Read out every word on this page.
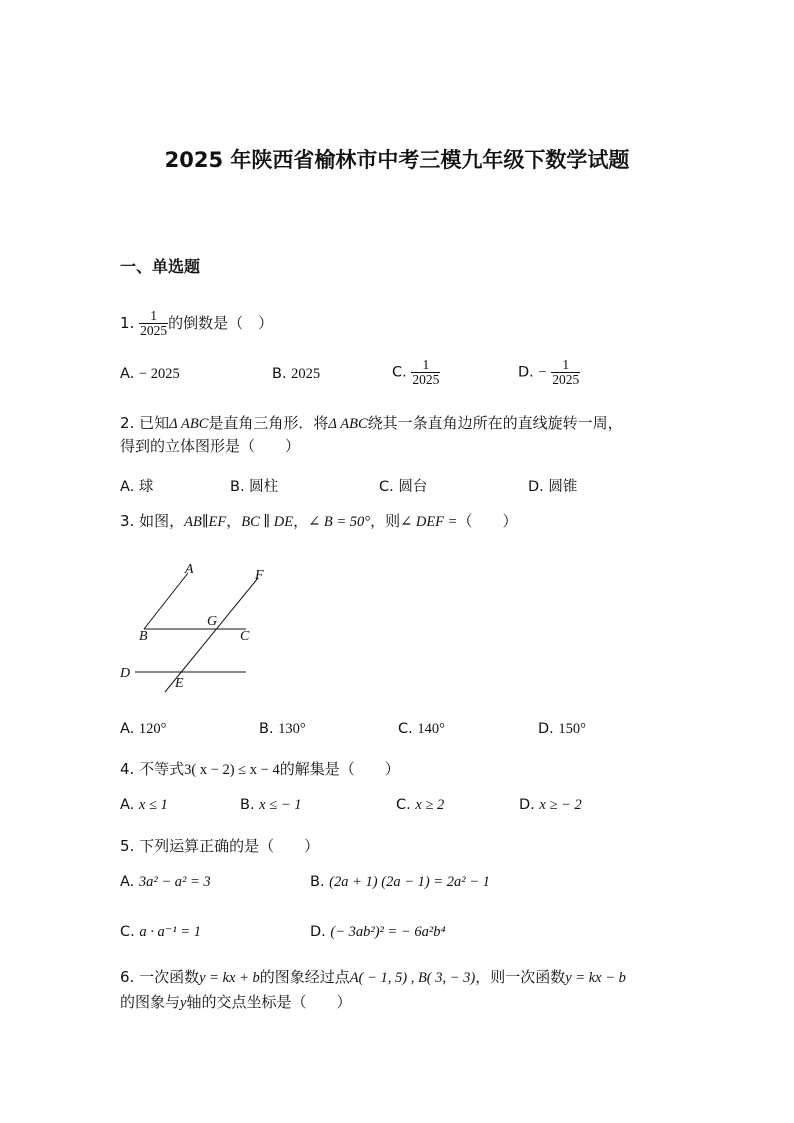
2025 年陕西省榆林市中考三模九年级下数学试题
一、单选题
1. $\frac{1}{2025}$ 的倒数是（　）
A. − 2025	B. 2025	C. $\frac{1}{2025}$	D. − $\frac{1}{2025}$
2. 已知Δ ABC是直角三角形．将Δ ABC绕其一条直角边所在的直线旋转一周，
得到的立体图形是（　　）
A. 球	B. 圆柱	C. 圆台	D. 圆锥
3. 如图，AB∥EF，BC ∥ DE，∠ B = 50°，则∠ DEF =（　　）
A	F
B
G
C
D
E
A. 120°	B. 130°	C. 140°	D. 150°
4. 不等式3( x − 2) ≤ x − 4的解集是（　　）
A. x ≤ 1	B. x ≤ − 1	C. x ≥ 2	D. x ≥ − 2
5. 下列运算正确的是（　　）
A. 3a² − a² = 3	B. (2a + 1) (2a − 1) = 2a² − 1
C. a · a⁻¹ = 1	D. (− 3ab²)² = − 6a²b⁴
6. 一次函数y = kx + b的图象经过点A( − 1, 5) , B( 3, − 3)，则一次函数y = kx − b
的图象与y轴的交点坐标是（　　）
